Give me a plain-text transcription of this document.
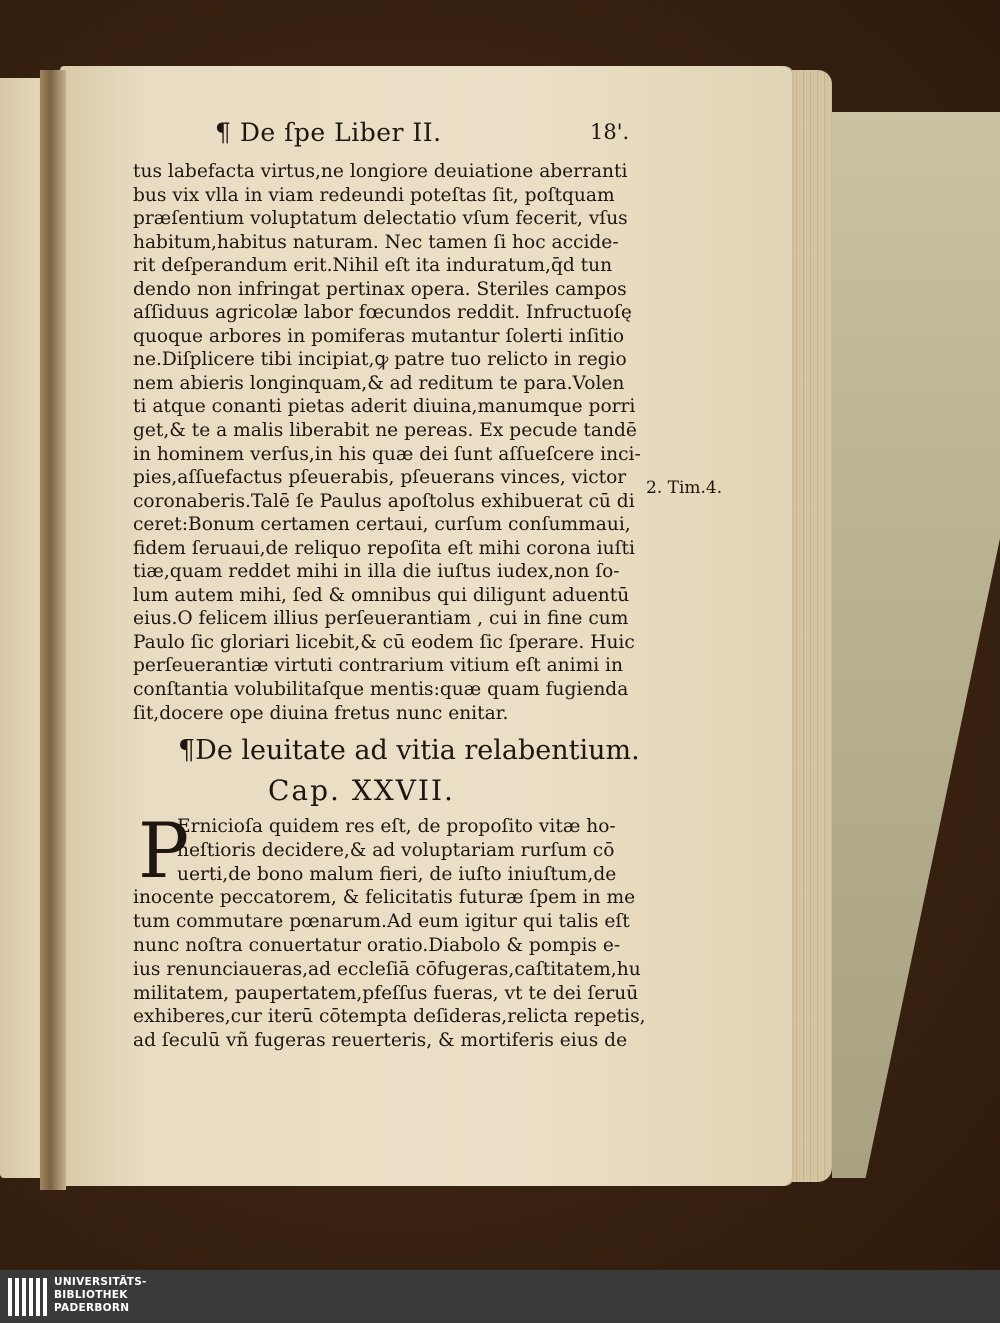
¶ De ſpe Liber II.	18'.
tus labefacta virtus,ne longiore deuiatione aberranti
bus vix vlla in viam redeundi poteſtas ſit, poſtquam
præſentium voluptatum delectatio vſum fecerit, vſus
habitum,habitus naturam. Nec tamen ſi hoc accide-
rit deſperandum erit.Nihil eſt ita induratum,q̄d tun
dendo non infringat pertinax opera. Steriles campos
aſſiduus agricolæ labor fœcundos reddit. Infructuoſę
quoque arbores in pomiferas mutantur ſolerti inſitio
ne.Diſplicere tibi incipiat,ꝙ patre tuo relicto in regio
nem abieris longinquam,& ad reditum te para.Volen
ti atque conanti pietas aderit diuina,manumque porri
get,& te a malis liberabit ne pereas. Ex pecude tandē
in hominem verſus,in his quæ dei ſunt aſſueſcere inci-
pies,aſſuefactus pſeuerabis, pſeuerans vinces, victor
coronaberis.Talē ſe Paulus apoſtolus exhibuerat cū di
ceret:Bonum certamen certaui, curſum conſummaui,
fidem ſeruaui,de reliquo repoſita eſt mihi corona iuſti
tiæ,quam reddet mihi in illa die iuſtus iudex,non ſo-
lum autem mihi, ſed & omnibus qui diligunt aduentū
eius.O felicem illius perſeuerantiam , cui in fine cum
Paulo ſic gloriari licebit,& cū eodem ſic ſperare. Huic
perſeuerantiæ virtuti contrarium vitium eſt animi in
conſtantia volubilitaſque mentis:quæ quam fugienda
ſit,docere ope diuina fretus nunc enitar.
2. Tim.4.
¶De leuitate ad vitia relabentium.
Cap. XXVII.
P
Ernicioſa quidem res eſt, de propoſito vitæ ho-
neſtioris decidere,& ad voluptariam rurſum cō
uerti,de bono malum fieri, de iuſto iniuſtum,de
inocente peccatorem, & felicitatis futuræ ſpem in me
tum commutare pœnarum.Ad eum igitur qui talis eſt
nunc noſtra conuertatur oratio.Diabolo & pompis e-
ius renunciaueras,ad eccleſiā cōfugeras,caſtitatem,hu
militatem, paupertatem,pfeſſus fueras, vt te dei ſeruū
exhiberes,cur iterū cōtempta deſideras,relicta repetis,
ad ſeculū vñ fugeras reuerteris, & mortiferis eius de
UNIVERSITÄTS-
BIBLIOTHEK
PADERBORN
